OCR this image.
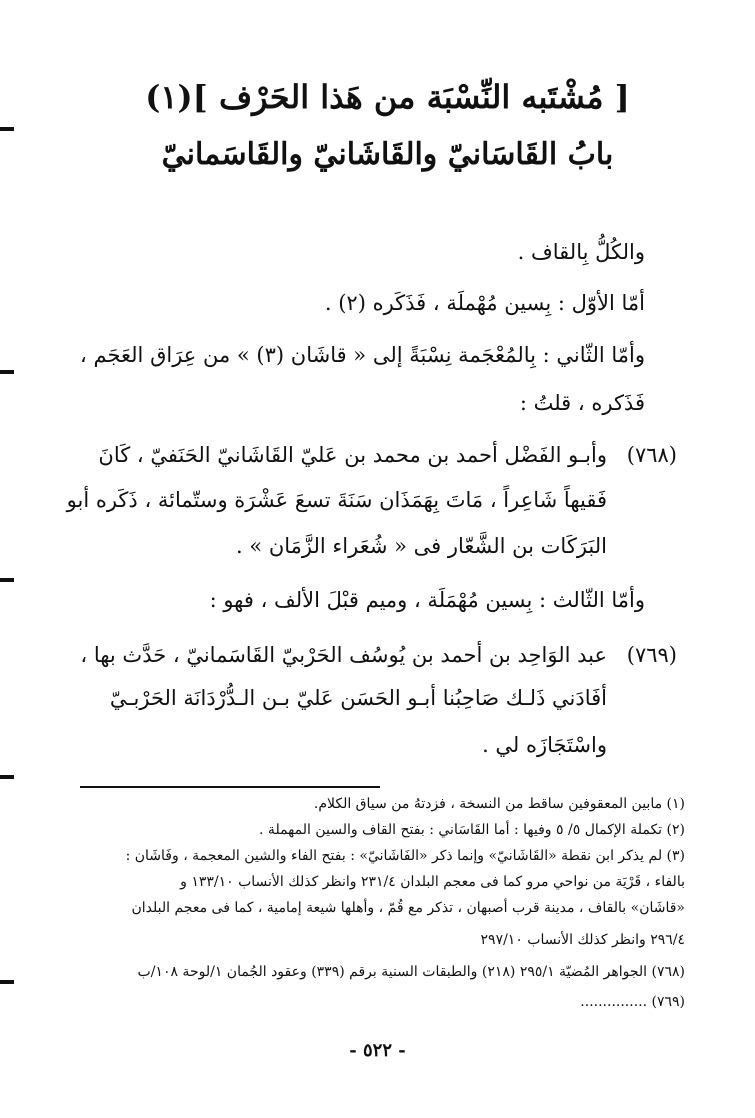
[ مُشْتَبه النِّسْبَة من هَذا الحَرْف ](١)
بابُ القَاسَانيّ والقَاشَانيّ والقَاسَمانيّ
والكُلُّ بِالقاف .
أمّا الأوّل : بِسين مُهْملَة ، فَذَكَره (٢) .
وأمّا الثّاني : بِالمُعْجَمة نِسْبَةً إلى « قاشَان (٣) » من عِرَاق العَجَم ،
فَذَكره ، قلتُ :
(٧٦٨)
وأبـو الفَضْل أحمد بن محمد بن عَليّ القَاشَانيّ الحَنَفيّ ، كَانَ
فَقيهاً شَاعِراً ، مَاتَ بِهَمَذَان سَنَةَ تسعَ عَشْرَة وستّمائة ، ذَكَره أبو
البَرَكَات بن الشَّعّار فى « شُعَراء الزَّمَان » .
وأمّا الثّالث : بِسين مُهْمَلَة ، وميم قبْلَ الألف ، فهو :
(٧٦٩)
عبد الوَاحِد بن أحمد بن يُوسُف الحَرْبيّ القَاسَمانيّ ، حَدَّث بها ،
أفَادَني ذَلـك صَاحِبُنا أبـو الحَسَن عَليّ بـن الـدُّرْدَانَة الحَرْبـيّ
واسْتَجَازَه لي .
(١) مابين المعقوفين ساقط من النسخة ، فزدتهُ من سياق الكلام.
(٢) تكملة الإكمال ٥/ ٥ وفيها : أما القَاسَاني : بفتح القاف والسين المهملة .
(٣) لم يذكر ابن نقطة «القَاشَانيّ» وإنما ذكر «الفَاشَانيّ» : بفتح الفاء والشين المعجمة ، وفَاشَان :
بالفاء ، قَرْيَة من نواحي مرو كما فى معجم البلدان ٢٣١/٤ وانظر كذلك الأنساب ١٣٣/١٠ و
«قاشَان» بالقاف ، مدينة قرب أصبهان ، تذكر مع قُمّ ، وأهلها شيعة إمامية ، كما فى معجم البلدان
٢٩٦/٤ وانظر كذلك الأنساب ٢٩٧/١٠
(٧٦٨) الجواهر المُضيّة ٢٩٥/١ (٢١٨) والطبقات السنية برقم (٣٣٩) وعقود الجُمان ١/لوحة ١٠٨/ب
(٧٦٩) ...............
- ٥٢٢ -
